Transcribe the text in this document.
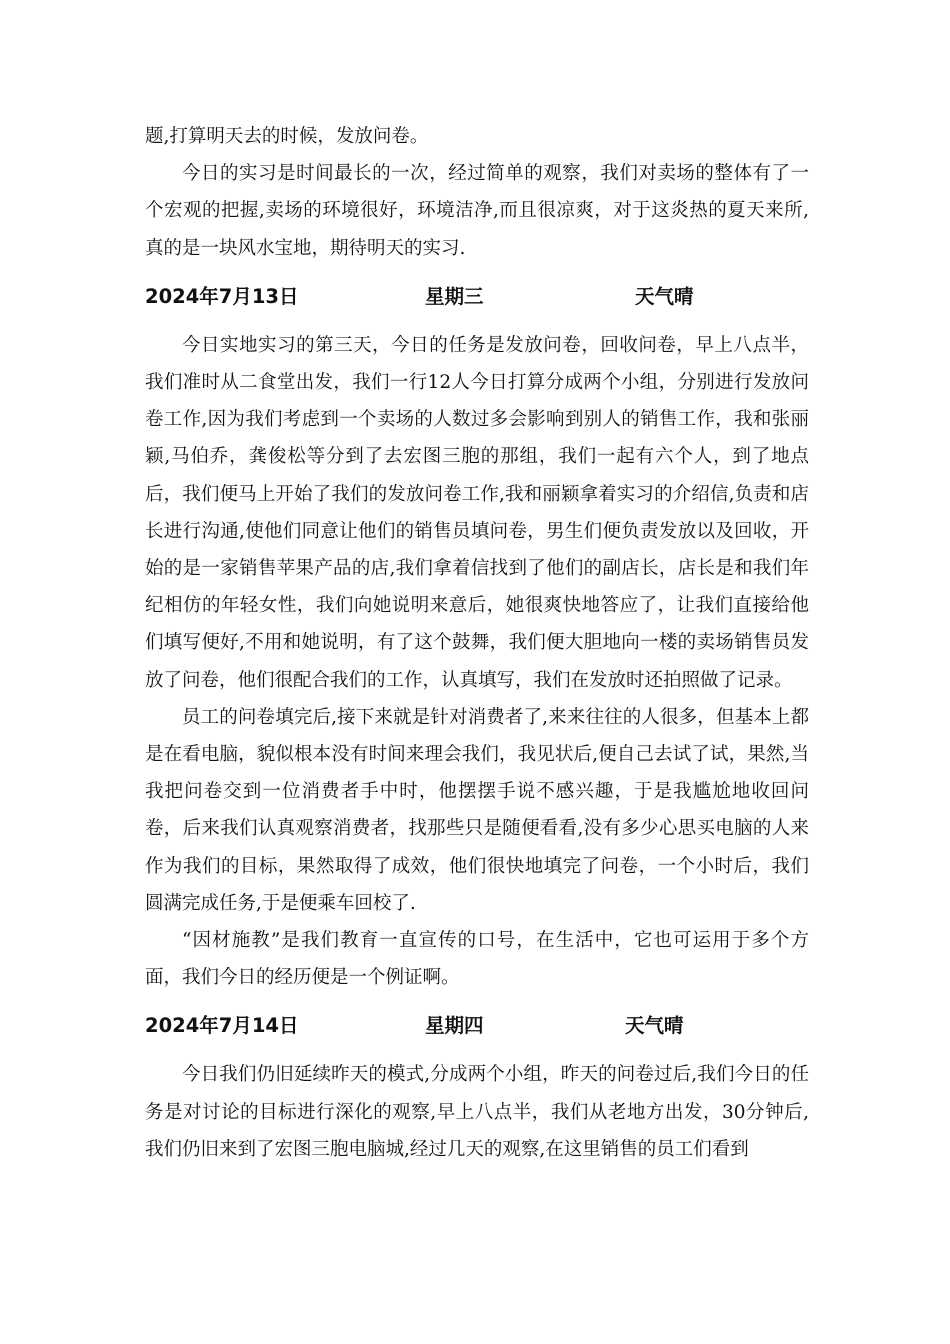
题,打算明天去的时候，发放问卷。

今日的实习是时间最长的一次，经过简单的观察，我们对卖场的整体有了一个宏观的把握,卖场的环境很好，环境洁净,而且很凉爽，对于这炎热的夏天来所,真的是一块风水宝地，期待明天的实习.

2024年7月13日	星期三	天气晴

今日实地实习的第三天，今日的任务是发放问卷，回收问卷，早上八点半，我们准时从二食堂出发，我们一行12人今日打算分成两个小组，分别进行发放问卷工作,因为我们考虑到一个卖场的人数过多会影响到别人的销售工作，我和张丽颖,马伯乔，龚俊松等分到了去宏图三胞的那组，我们一起有六个人，到了地点后，我们便马上开始了我们的发放问卷工作,我和丽颖拿着实习的介绍信,负责和店长进行沟通,使他们同意让他们的销售员填问卷，男生们便负责发放以及回收，开始的是一家销售苹果产品的店,我们拿着信找到了他们的副店长，店长是和我们年纪相仿的年轻女性，我们向她说明来意后，她很爽快地答应了，让我们直接给他们填写便好,不用和她说明，有了这个鼓舞，我们便大胆地向一楼的卖场销售员发放了问卷，他们很配合我们的工作，认真填写，我们在发放时还拍照做了记录。

员工的问卷填完后,接下来就是针对消费者了,来来往往的人很多，但基本上都是在看电脑，貌似根本没有时间来理会我们，我见状后,便自己去试了试，果然,当我把问卷交到一位消费者手中时，他摆摆手说不感兴趣，于是我尴尬地收回问卷，后来我们认真观察消费者，找那些只是随便看看,没有多少心思买电脑的人来作为我们的目标，果然取得了成效，他们很快地填完了问卷，一个小时后，我们圆满完成任务,于是便乘车回校了.

“因材施教”是我们教育一直宣传的口号，在生活中，它也可运用于多个方面，我们今日的经历便是一个例证啊。

2024年7月14日	星期四	天气晴

今日我们仍旧延续昨天的模式,分成两个小组，昨天的问卷过后,我们今日的任务是对讨论的目标进行深化的观察,早上八点半，我们从老地方出发，30分钟后,我们仍旧来到了宏图三胞电脑城,经过几天的观察,在这里销售的员工们看到
